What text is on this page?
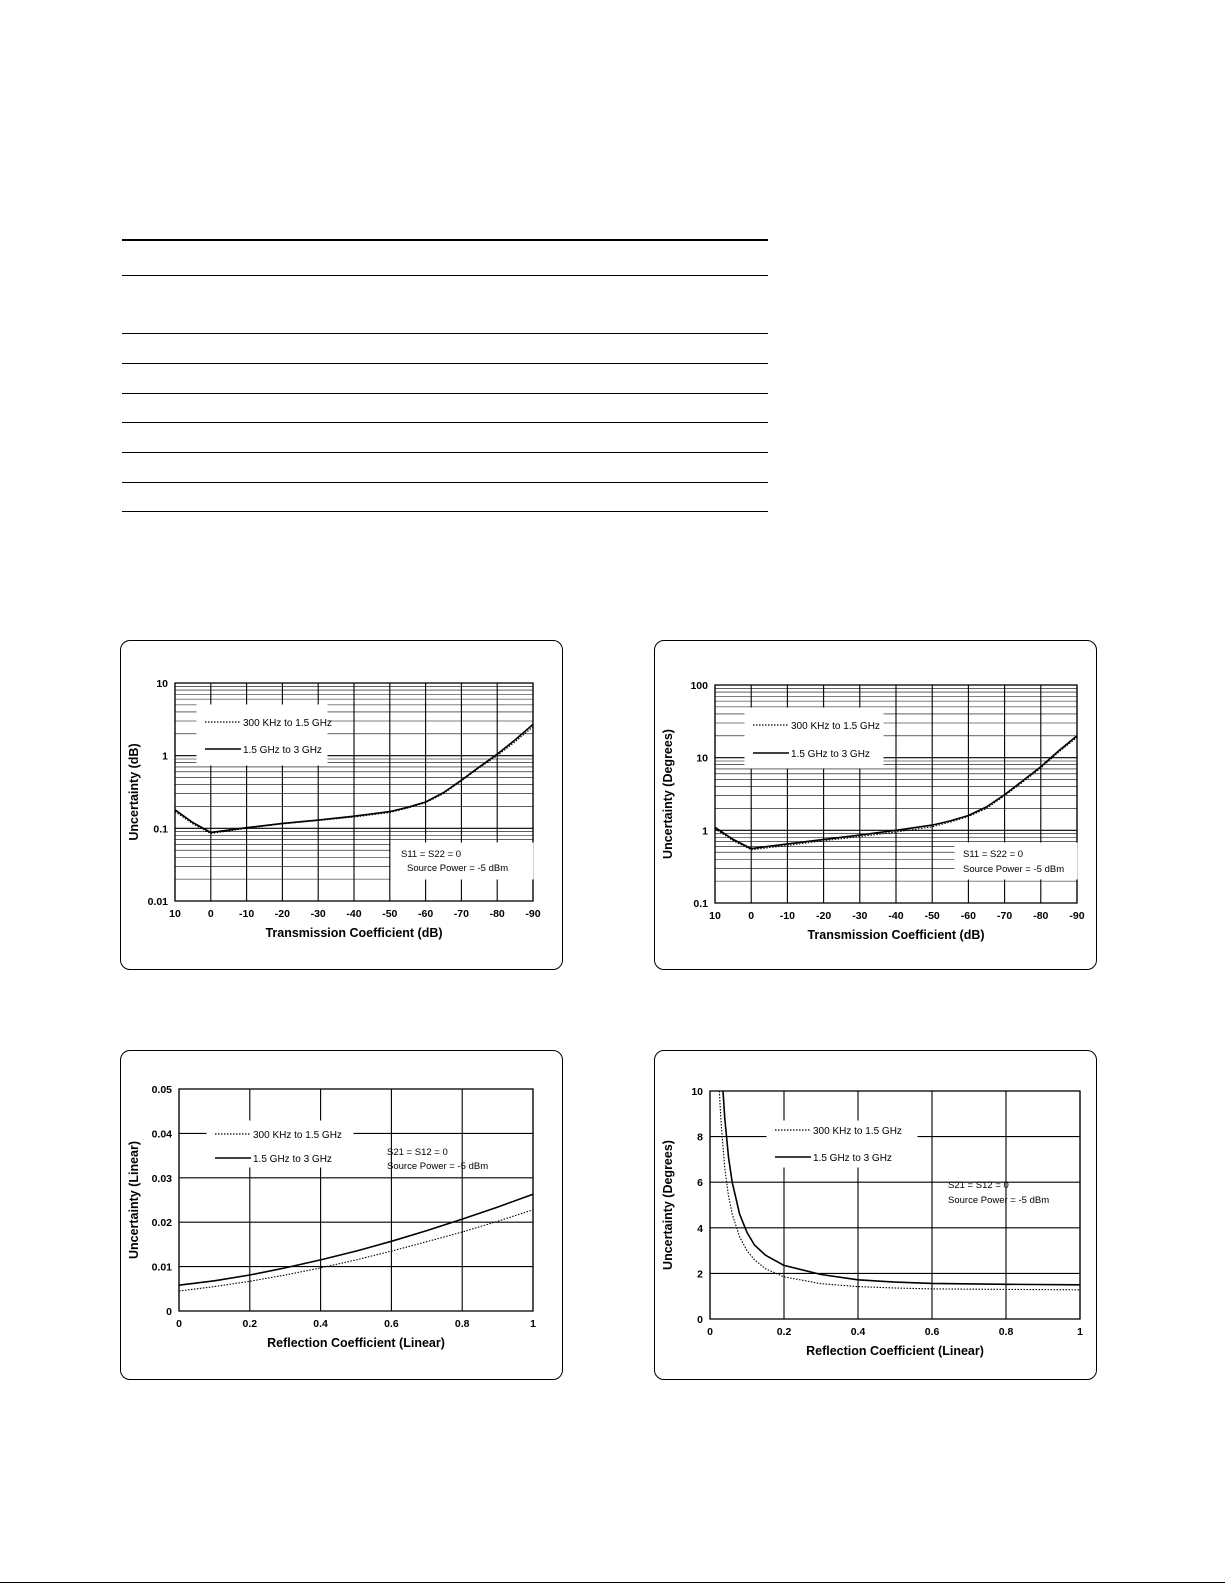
0.01
0.1
1
10
10	0 -10 -20 -30 -40 -50 -60 -70 -80 -90
300 KHz to 1.5 GHz
1.5 GHz to 3 GHz
S11 = S22 = 0
Source Power = -5 dBm
Transmission Coefficient (dB)
Uncertainty (dB)
0.1
1
10
100
10	0 -10 -20 -30 -40 -50 -60 -70 -80 -90
300 KHz to 1.5 GHz
1.5 GHz to 3 GHz
S11 = S22 = 0
Source Power = -5 dBm
Transmission Coefficient (dB)
Uncertainty (Degrees)
0
0.01
0.02
0.03
0.04
0.05
0	0.2	0.4	0.6	0.8	1
300 KHz to 1.5 GHz
1.5 GHz to 3 GHz
S21 = S12 = 0
Source Power = -5 dBm
Reflection Coefficient (Linear)
Uncertainty (Linear)
0
2
4
6
8
10
0	0.2	0.4	0.6	0.8	1
300 KHz to 1.5 GHz
1.5 GHz to 3 GHz
S21 = S12 = 0
Source Power = -5 dBm
Reflection Coefficient (Linear)
Uncertainty (Degrees)
